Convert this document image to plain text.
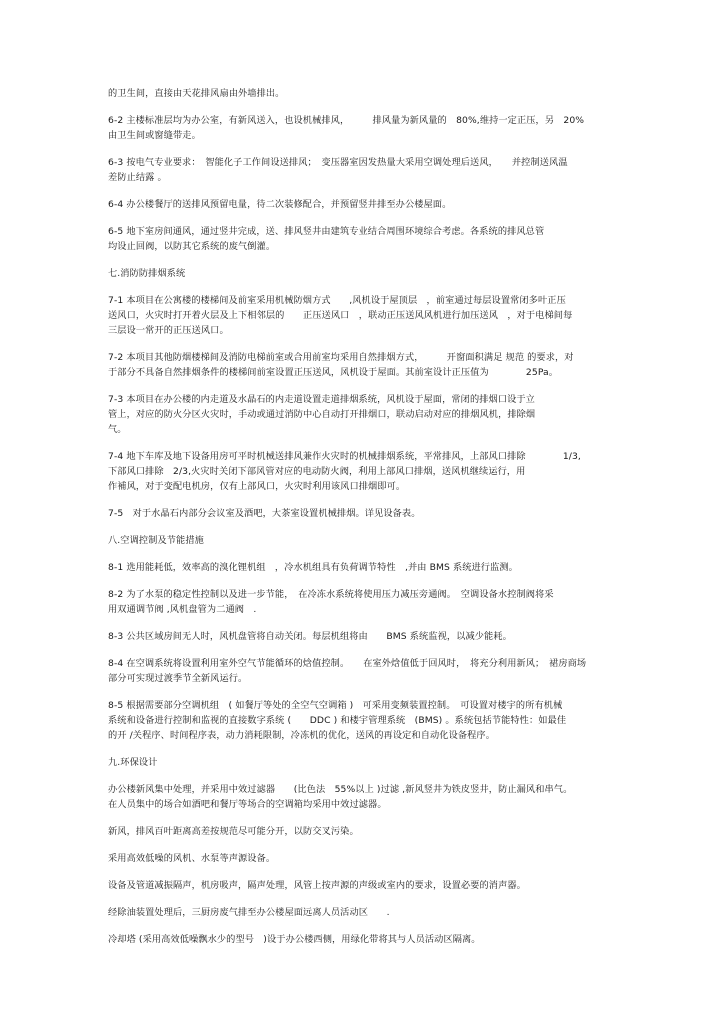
的卫生间，直接由天花排风扇由外墙排出。
6-2 主楼标准层均为办公室，有新风送入，也设机械排风，　　　排风量为新风量的　80%,维持一定正压，另　20%
由卫生间或窗缝带走。
6-3 按电气专业要求：　智能化子工作间设送排风；　变压器室因发热量大采用空调处理后送风，　　并控制送风温
差防止结露 。
6-4 办公楼餐厅的送排风预留电量，待二次装修配合，并预留竖井排至办公楼屋面。
6-5 地下室房间通风，通过竖井完成，送、排风竖井由建筑专业结合周围环境综合考虑。各系统的排风总管
均设止回阀，以防其它系统的废气倒灌。
七.消防防排烟系统
7-1 本项目在公寓楼的楼梯间及前室采用机械防烟方式　　,风机设于屋顶层　，前室通过每层设置常闭多叶正压
送风口，火灾时打开着火层及上下相邻层的　　正压送风口　，联动正压送风风机进行加压送风　，对于电梯间每
三层设一常开的正压送风口。
7-2 本项目其他防烟楼梯间及消防电梯前室或合用前室均采用自然排烟方式，　　　开窗面积满足 规范 的要求，对
于部分不具备自然排烟条件的楼梯间前室设置正压送风，风机设于屋面。其前室设计正压值为　　　　25Pa。
7-3 本项目在办公楼的内走道及水晶石的内走道设置走道排烟系统，风机设于屋面，常闭的排烟口设于立
管上，对应的防火分区火灾时，手动或通过消防中心自动打开排烟口，联动启动对应的排烟风机，排除烟
气。
7-4 地下车库及地下设备用房可平时机械送排风兼作火灾时的机械排烟系统，平常排风，上部风口排除　　　　1/3,
下部风口排除　2/3,火灾时关闭下部风管对应的电动防火阀，利用上部风口排烟，送风机继续运行，用
作補风，对于变配电机房，仅有上部风口，火灾时利用该风口排烟即可。
7-5　对于水晶石内部分会议室及酒吧，大茶室设置机械排烟。详见设备表。
八.空调控制及节能措施
8-1 选用能耗低，效率高的溴化锂机组　，冷水机组具有负荷调节特性　,并由 BMS 系统进行监测。
8-2 为了水泵的稳定性控制以及进一步节能，　在冷冻水系统将使用压力减压旁通阀。　空调设备水控制阀将采
用双通调节阀 ,风机盘管为二通阀　.
8-3 公共区域房间无人时，风机盘管将自动关闭。每层机组将由　　BMS 系统监视，以减少能耗。
8-4 在空调系统将设置利用室外空气节能循环的焓值控制。　　在室外焓值低于回风时，　将充分利用新风；　裙房商场
部分可实现过渡季节全新风运行。
8-5 根据需要部分空调机组　( 如餐厅等处的全空气空调箱 )　可采用变频装置控制。　可设置对楼宇的所有机械
系统和设备进行控制和监视的直接数字系统 (　　DDC ) 和楼宇管理系统　(BMS) 。系统包括节能特性：如最佳
的开 /关程序、时间程序表，动力消耗限制，冷冻机的优化，送风的再设定和自动化设备程序。
九.环保设计
办公楼新风集中处理，并采用中效过滤器　　(比色法　55%以上 )过滤 ,新风竖井为铁皮竖井，防止漏风和串气。
在人员集中的场合如酒吧和餐厅等场合的空调箱均采用中效过滤器。
新风，排风百叶距离高差按规范尽可能分开，以防交叉污染。
采用高效低噪的风机、水泵等声源设备。
设备及管道减振隔声，机房吸声，隔声处理，风管上按声源的声级或室内的要求，设置必要的消声器。
经除油装置处理后，三厨房废气排至办公楼屋面远离人员活动区　　.
冷却塔 (采用高效低噪飘水少的型号　)设于办公楼西侧，用绿化带将其与人员活动区隔离。
